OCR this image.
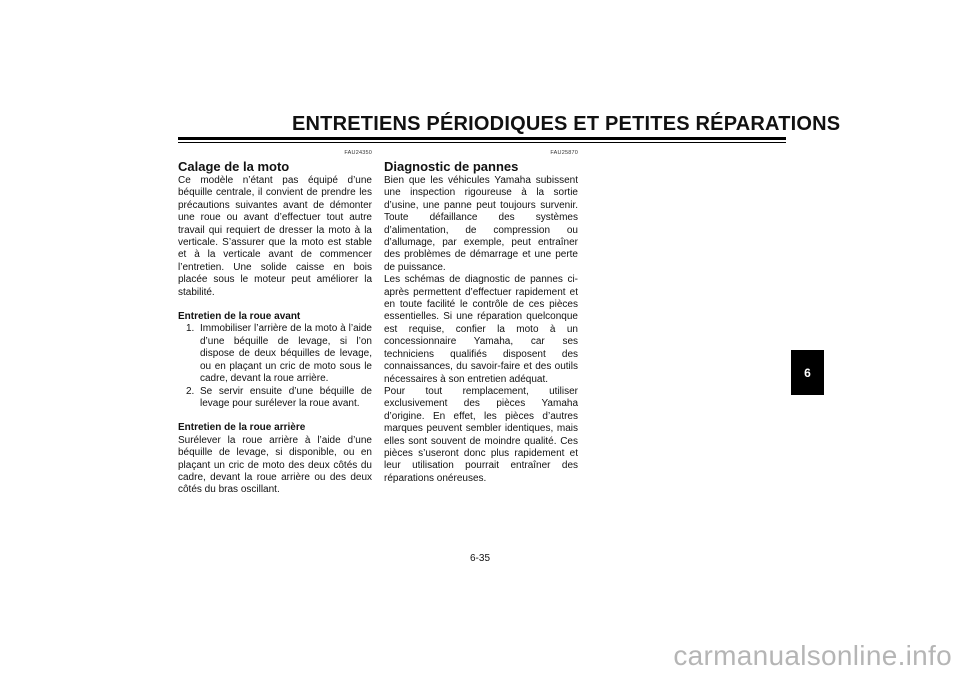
ENTRETIENS PÉRIODIQUES ET PETITES RÉPARATIONS
FAU24350
Calage de la moto

Ce modèle n’étant pas équipé d’une béquille centrale, il convient de prendre les précautions suivantes avant de démonter une roue ou avant d’effectuer tout autre travail qui requiert de dresser la moto à la verticale. S’assurer que la moto est stable et à la verticale avant de commencer l’entretien. Une solide caisse en bois placée sous le moteur peut améliorer la stabilité.

Entretien de la roue avant
1. Immobiliser l’arrière de la moto à l’aide d’une béquille de levage, si l’on dispose de deux béquilles de levage, ou en plaçant un cric de moto sous le cadre, devant la roue arrière.
2. Se servir ensuite d’une béquille de levage pour surélever la roue avant.
Entretien de la roue arrière

Surélever la roue arrière à l’aide d’une béquille de levage, si disponible, ou en plaçant un cric de moto des deux côtés du cadre, devant la roue arrière ou des deux côtés du bras oscillant.

FAU25870
Diagnostic de pannes

Bien que les véhicules Yamaha subissent une inspection rigoureuse à la sortie d’usine, une panne peut toujours survenir. Toute défaillance des systèmes d’alimentation, de compression ou d’allumage, par exemple, peut entraîner des problèmes de démarrage et une perte de puissance.

Les schémas de diagnostic de pannes ci-après permettent d’effectuer rapidement et en toute facilité le contrôle de ces pièces essentielles. Si une réparation quelconque est requise, confier la moto à un concessionnaire Yamaha, car ses techniciens qualifiés disposent des connaissances, du savoir-faire et des outils nécessaires à son entretien adéquat.

Pour tout remplacement, utiliser exclusivement des pièces Yamaha d’origine. En effet, les pièces d’autres marques peuvent sembler identiques, mais elles sont souvent de moindre qualité. Ces pièces s’useront donc plus rapidement et leur utilisation pourrait entraîner des réparations onéreuses.

6
6-35
carmanualsonline.info
